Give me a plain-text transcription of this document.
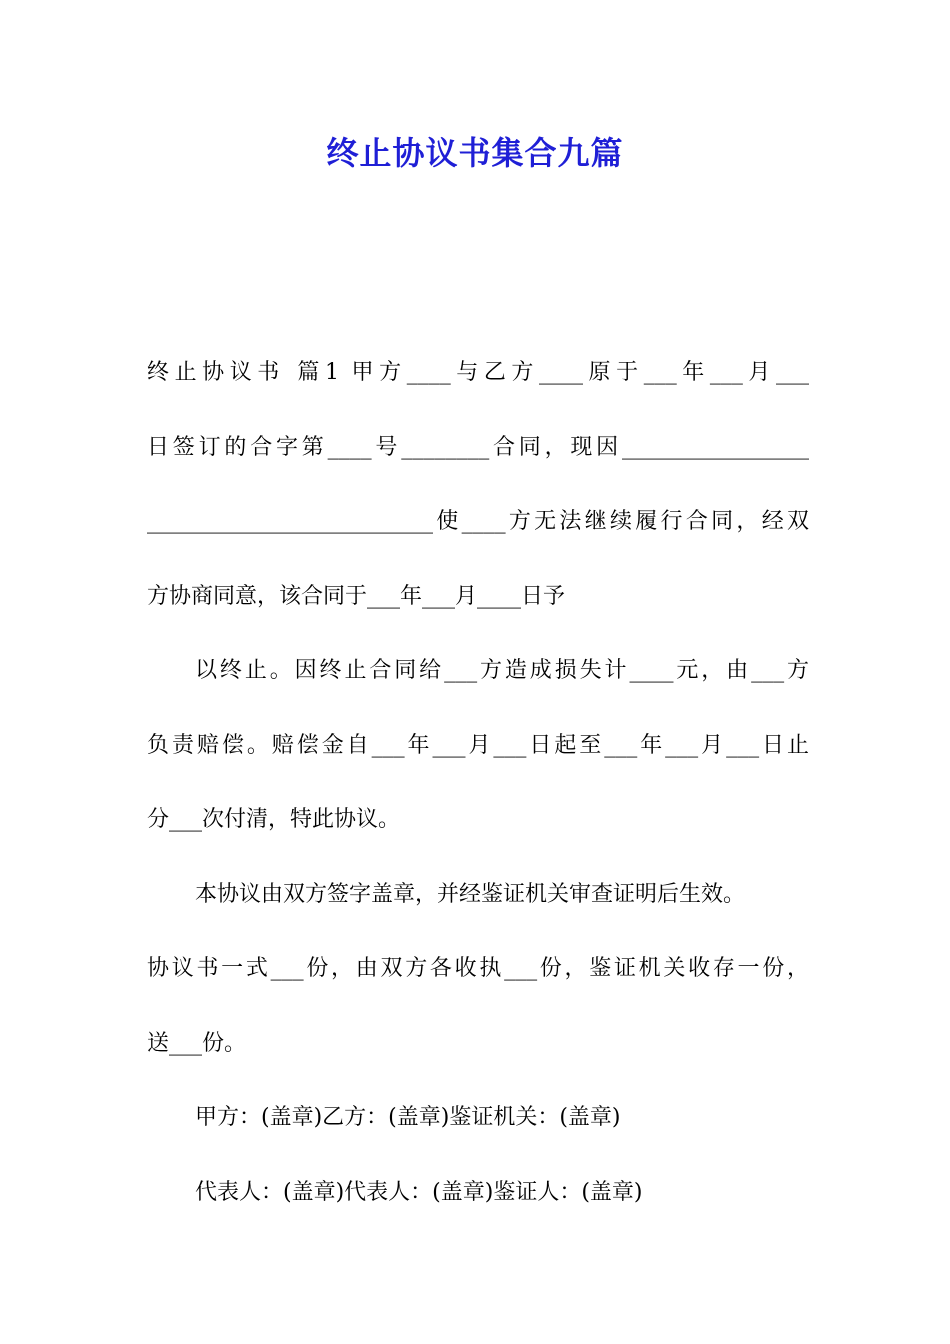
终止协议书集合九篇
终止协议书 篇1 甲方____与乙方____原于___年___月___
日签订的合字第____号________合同，现因_________________
__________________________使____方无法继续履行合同，经双
方协商同意，该合同于___年___月____日予
以终止。因终止合同给___方造成损失计____元，由___方
负责赔偿。赔偿金自___年___月___日起至___年___月___日止
分___次付清，特此协议。
本协议由双方签字盖章，并经鉴证机关审查证明后生效。
协议书一式___份，由双方各收执___份，鉴证机关收存一份，
送___份。
甲方：(盖章)乙方：(盖章)鉴证机关：(盖章)
代表人：(盖章)代表人：(盖章)鉴证人：(盖章)
